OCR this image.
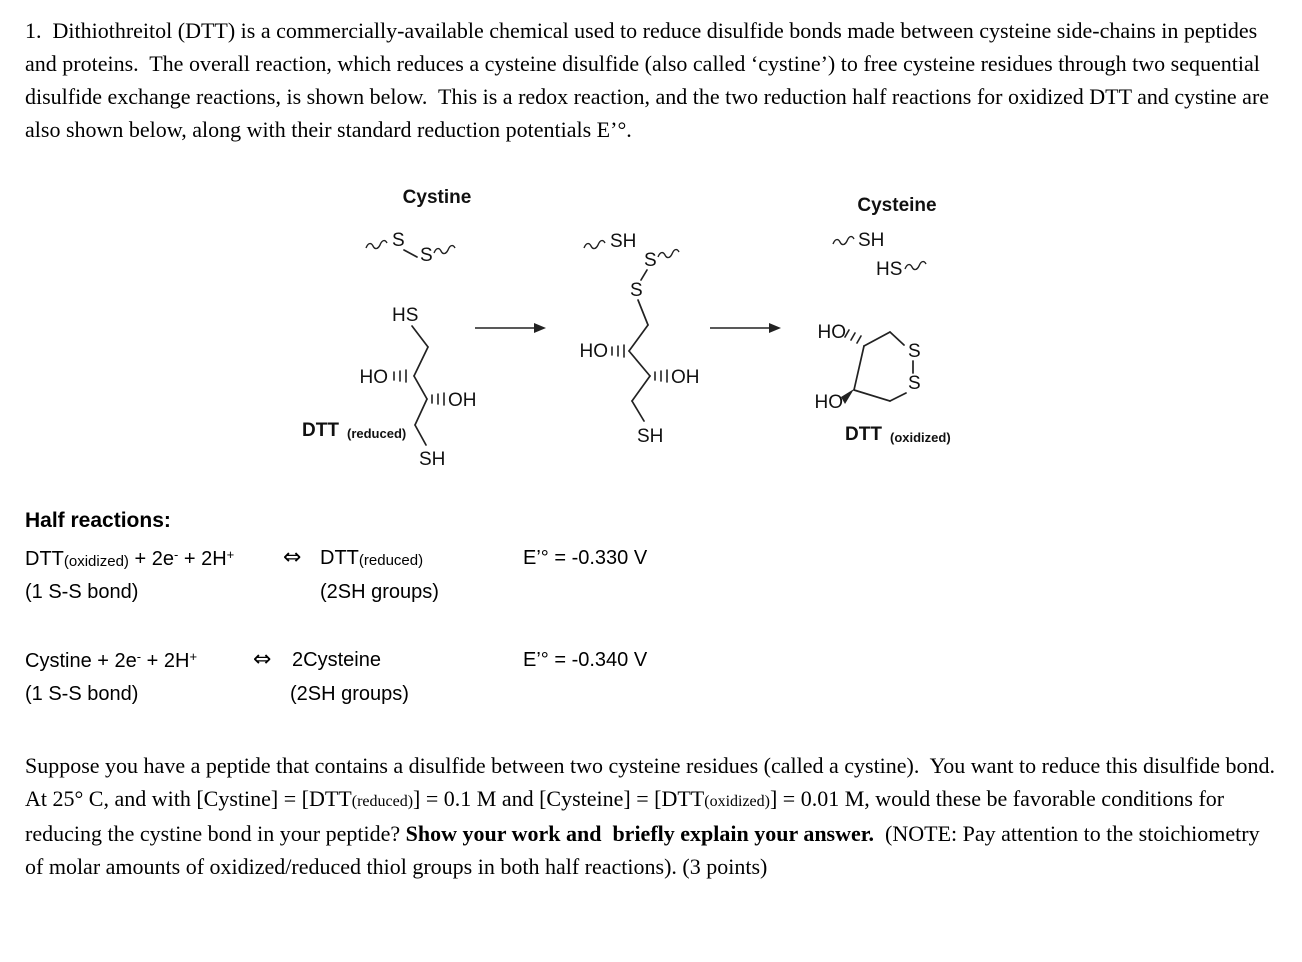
1.  Dithiothreitol (DTT) is a commercially-available chemical used to reduce disulfide bonds made between cysteine side-chains in peptides and proteins.  The overall reaction, which reduces a cysteine disulfide (also called ‘cystine’) to free cysteine residues through two sequential disulfide exchange reactions, is shown below.  This is a redox reaction, and the two reduction half reactions for oxidized DTT and cystine are also shown below, along with their standard reduction potentials E’°.
Cystine
S
S
HS
HO
OH
SH
DTT (reduced)
SH
S
S
HO
OH
SH
Cysteine
SH
HS
HO
S
S
HO
DTT (oxidized)
Half reactions:
DTT(oxidized) + 2e- + 2H+ ⇔ DTT(reduced)	E’° = -0.330 V
(1 S-S bond)	(2SH groups)
Cystine + 2e- + 2H+	⇔ 2Cysteine	E’° = -0.340 V
(1 S-S bond)	(2SH groups)
Suppose you have a peptide that contains a disulfide between two cysteine residues (called a cystine).  You want to reduce this disulfide bond.  At 25° C, and with [Cystine] = [DTT(reduced)] = 0.1 M and [Cysteine] = [DTT(oxidized)] = 0.01 M, would these be favorable conditions for reducing the cystine bond in your peptide? Show your work and  briefly explain your answer.  (NOTE: Pay attention to the stoichiometry of molar amounts of oxidized/reduced thiol groups in both half reactions). (3 points)
